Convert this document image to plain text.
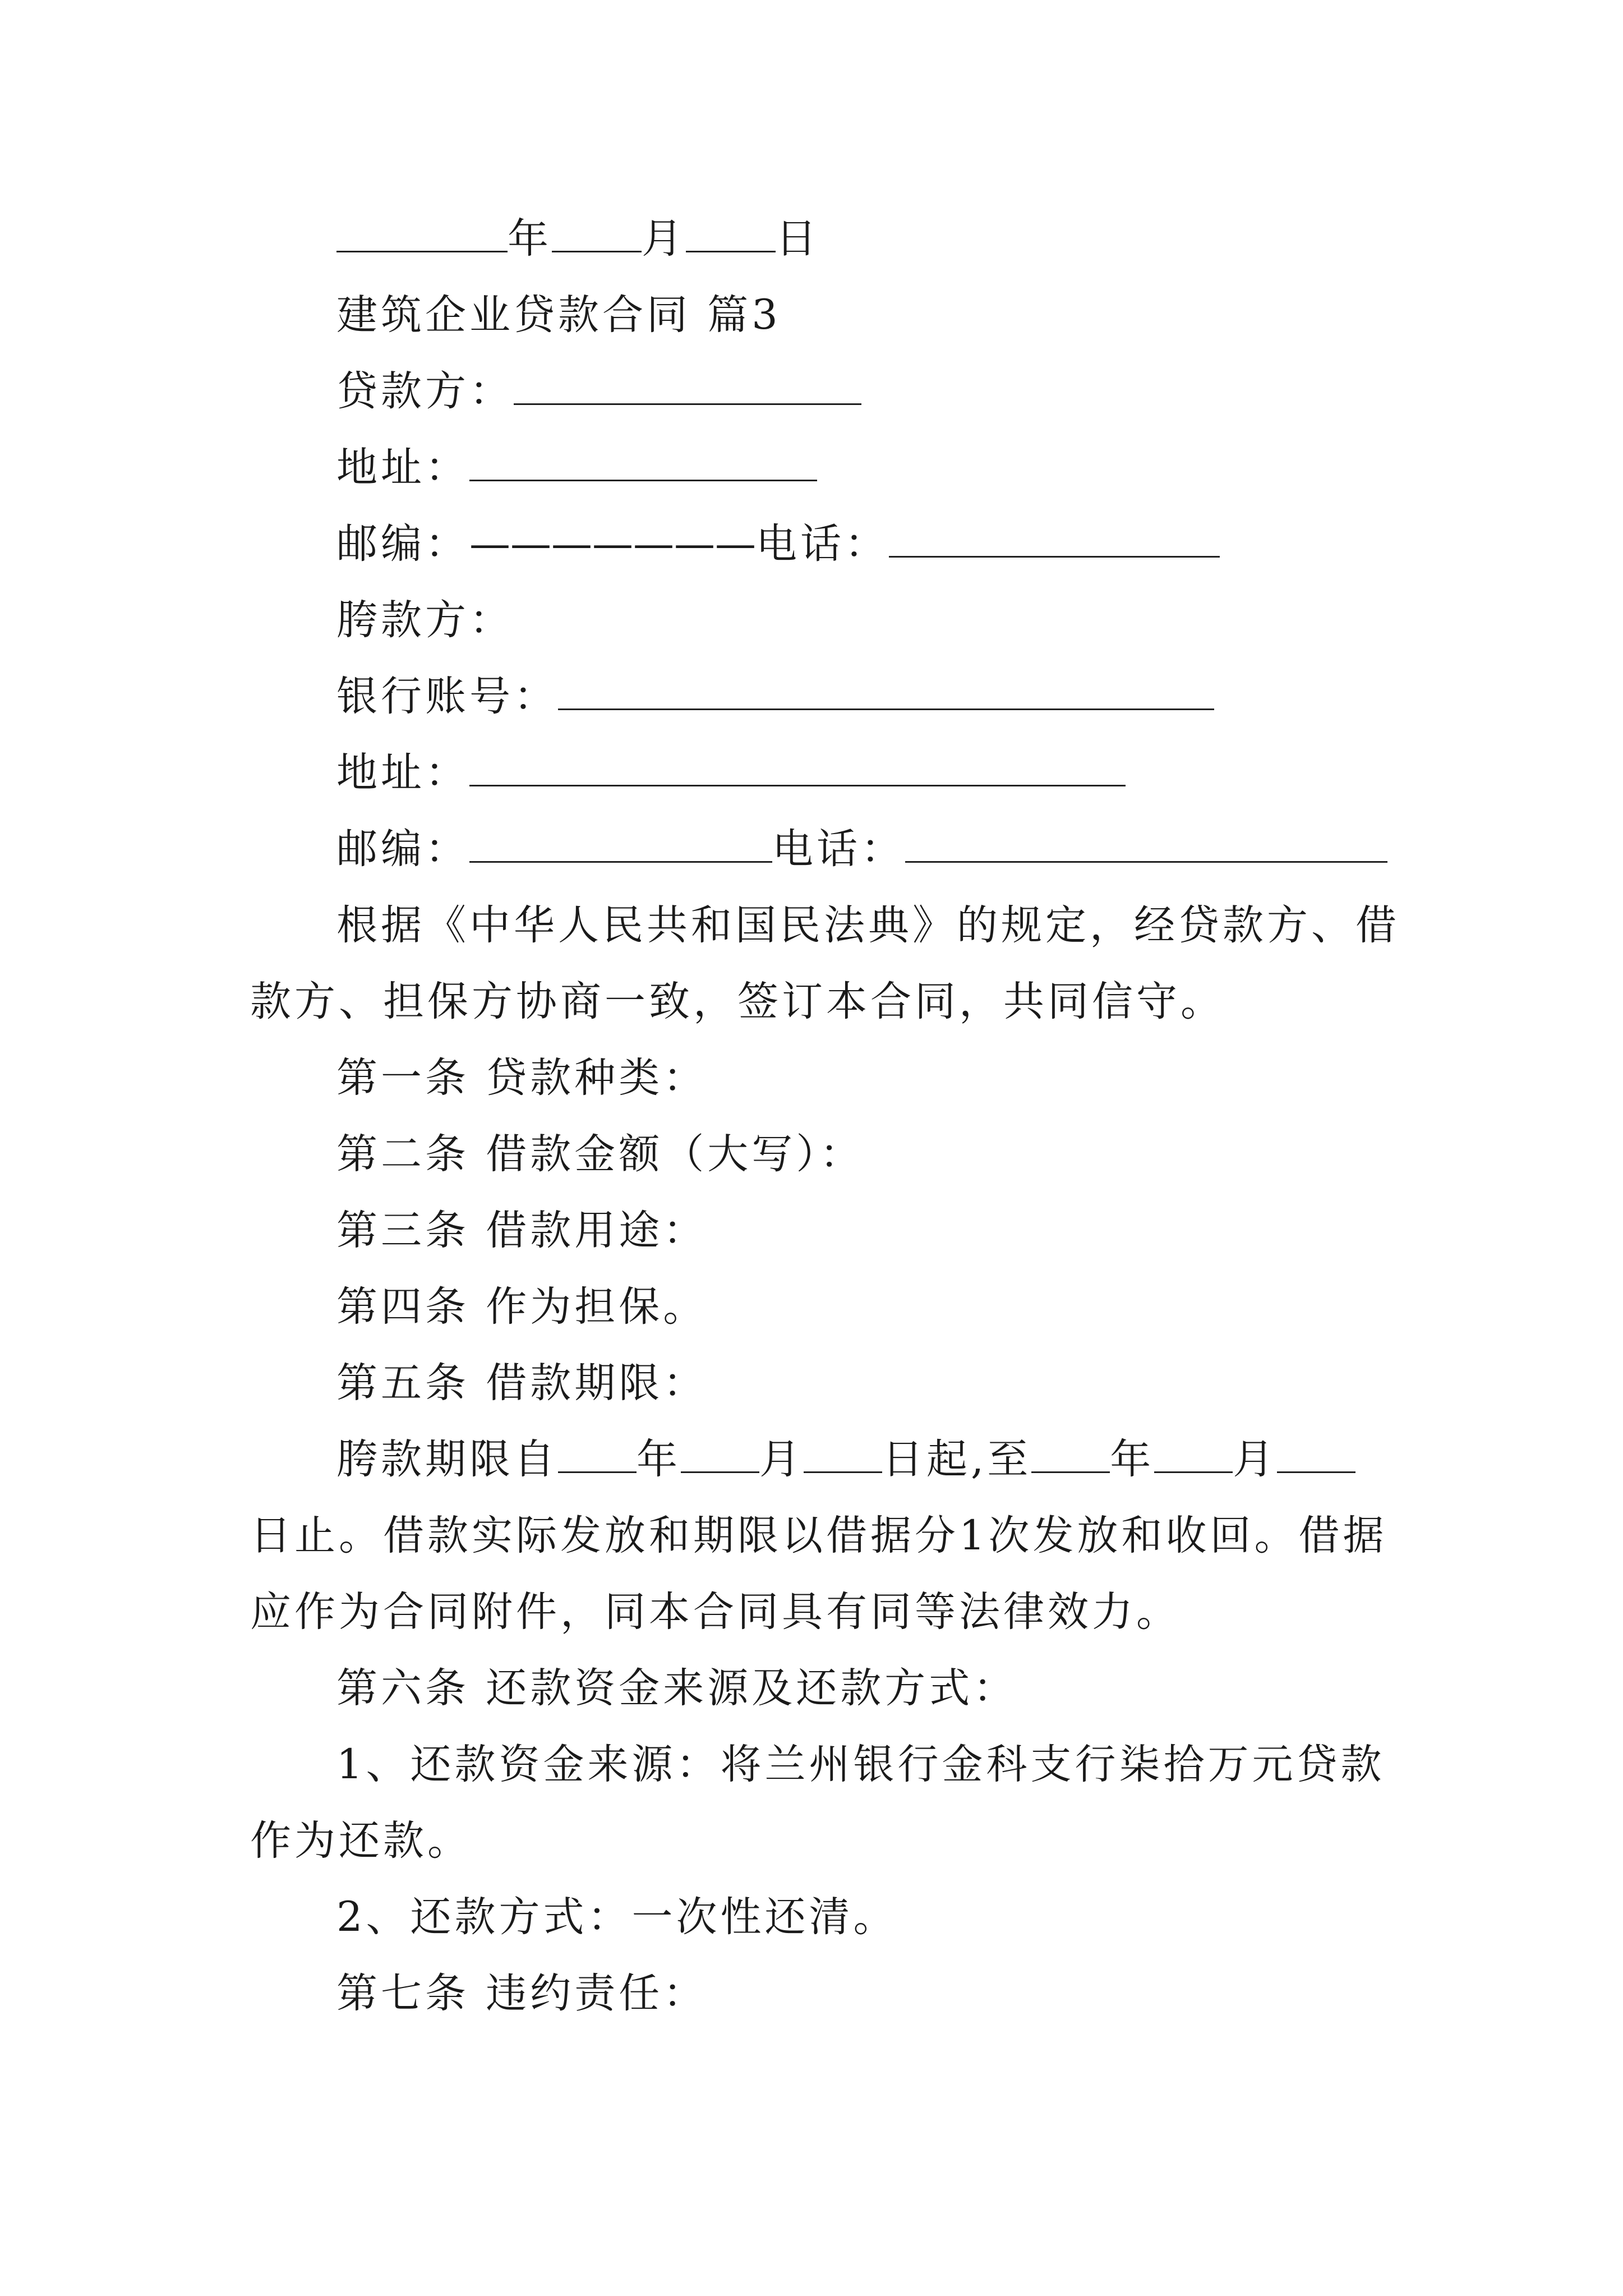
年 月 日
建筑企业贷款合同 篇3
贷款方：
地址：
邮编：———————电话：
胯款方：
银行账号：
地址：
邮编：	电话：
根据《中华人民共和国民法典》的规定，经贷款方、借
款方、担保方协商一致，签订本合同，共同信守。
第一条 贷款种类：
第二条 借款金额（大写）：
第三条 借款用途：
第四条 作为担保。
第五条 借款期限：
胯款期限自 年 月 日起,至 年 月
日止。借款实际发放和期限以借据分1次发放和收回。借据
应作为合同附件，同本合同具有同等法律效力。
第六条 还款资金来源及还款方式：
1、还款资金来源：将兰州银行金科支行柒拾万元贷款
作为还款。
2、还款方式：一次性还清。
第七条 违约责任：
